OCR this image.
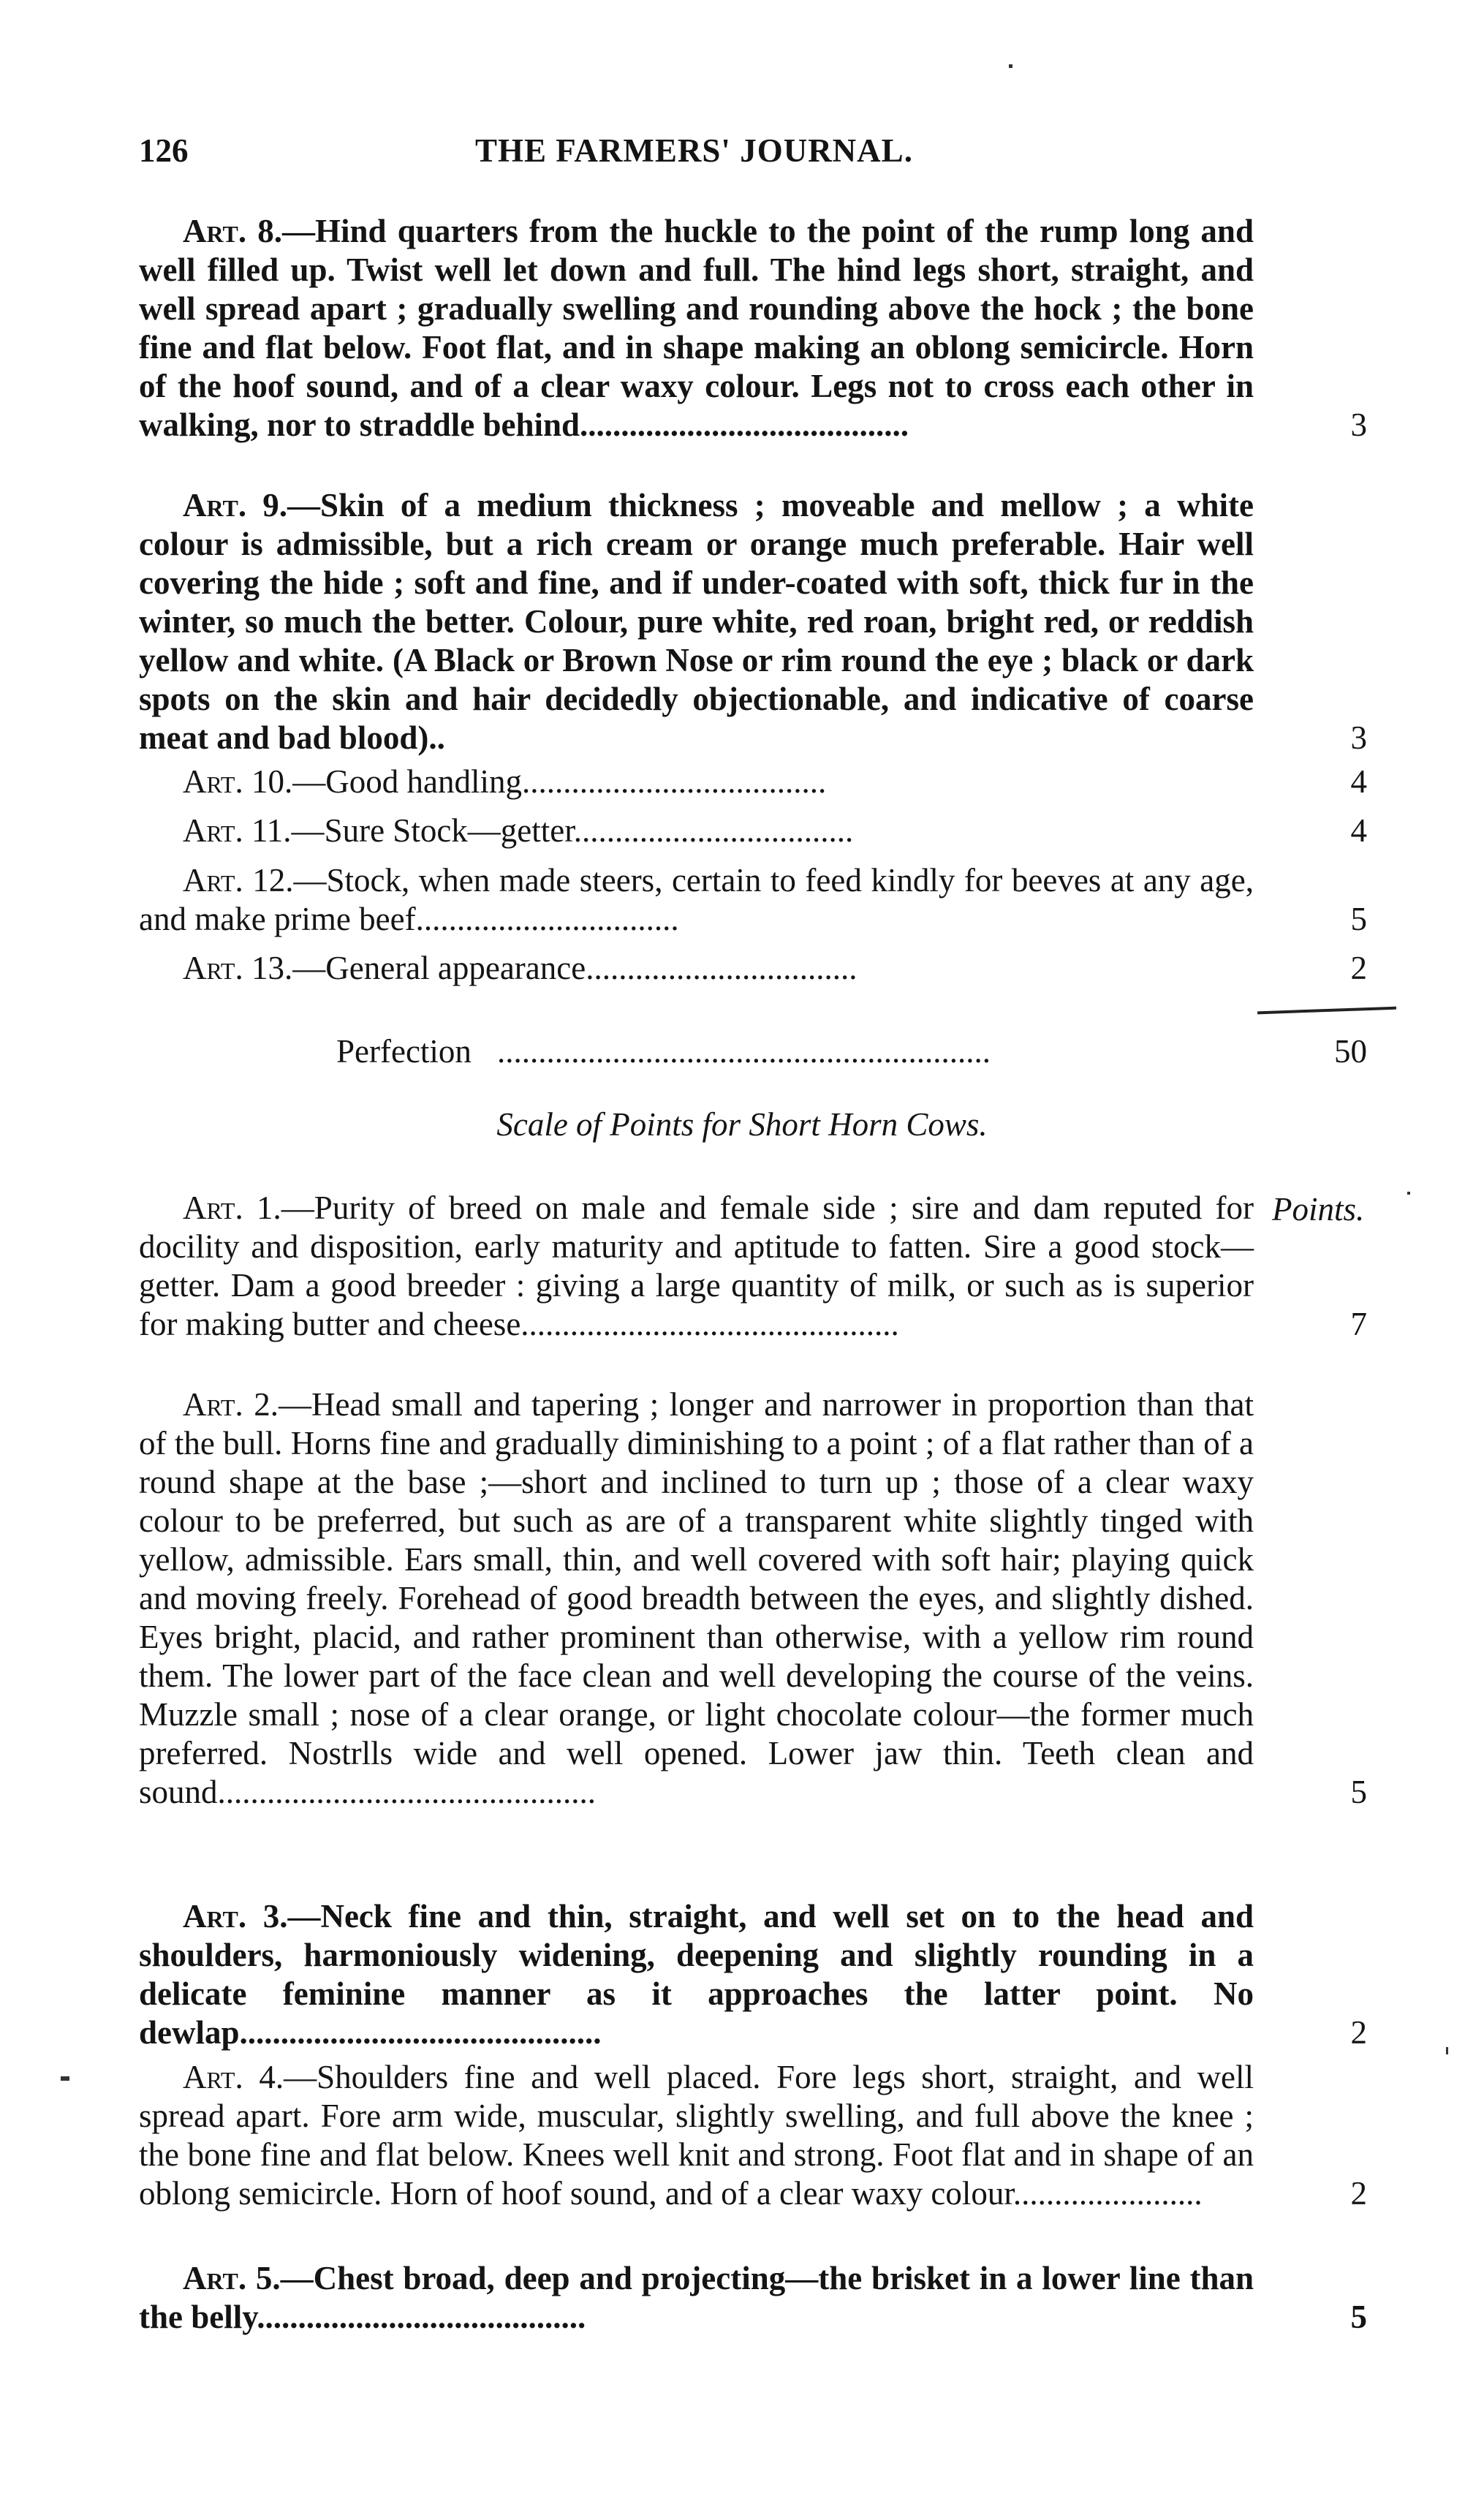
126	THE FARMERS' JOURNAL.
Art. 8.—Hind quarters from the huckle to the point of the rump long and well filled up. Twist well let down and full. The hind legs short, straight, and well spread apart ; gradually swelling and rounding above the hock ; the bone fine and flat below. Foot flat, and in shape making an oblong semicircle. Horn of the hoof sound, and of a clear waxy colour. Legs not to cross each other in walking, nor to straddle behind........................................	3
Art. 9.—Skin of a medium thickness ; moveable and mellow ; a white colour is admissible, but a rich cream or orange much preferable. Hair well covering the hide ; soft and fine, and if under-coated with soft, thick fur in the winter, so much the better. Colour, pure white, red roan, bright red, or reddish yellow and white. (A Black or Brown Nose or rim round the eye ; black or dark spots on the skin and hair decidedly objectionable, and indicative of coarse meat and bad blood)..	3
Art. 10.—Good handling.....................................	4
Art. 11.—Sure Stock—getter..................................	4
Art. 12.—Stock, when made steers, certain to feed kindly for beeves at any age, and make prime beef................................	5
Art. 13.—General appearance.................................	2
Perfection ............................................................	50
Scale of Points for Short Horn Cows.
Points.
Art. 1.—Purity of breed on male and female side ; sire and dam reputed for docility and disposition, early maturity and aptitude to fatten. Sire a good stock—getter. Dam a good breeder : giving a large quantity of milk, or such as is superior for making butter and cheese..............................................	7
Art. 2.—Head small and tapering ; longer and narrower in proportion than that of the bull. Horns fine and gradually diminishing to a point ; of a flat rather than of a round shape at the base ;—short and inclined to turn up ; those of a clear waxy colour to be preferred, but such as are of a transparent white slightly tinged with yellow, admissible. Ears small, thin, and well covered with soft hair; playing quick and moving freely. Forehead of good breadth between the eyes, and slightly dished. Eyes bright, placid, and rather prominent than otherwise, with a yellow rim round them. The lower part of the face clean and well developing the course of the veins. Muzzle small ; nose of a clear orange, or light chocolate colour—the former much preferred. Nostrlls wide and well opened. Lower jaw thin. Teeth clean and sound..............................................	5
Art. 3.—Neck fine and thin, straight, and well set on to the head and shoulders, harmoniously widening, deepening and slightly rounding in a delicate feminine manner as it approaches the latter point. No dewlap............................................	2
Art. 4.—Shoulders fine and well placed. Fore legs short, straight, and well spread apart. Fore arm wide, muscular, slightly swelling, and full above the knee ; the bone fine and flat below. Knees well knit and strong. Foot flat and in shape of an oblong semicircle. Horn of hoof sound, and of a clear waxy colour.......................	2
Art. 5.—Chest broad, deep and projecting—the brisket in a lower line than the belly........................................	5
